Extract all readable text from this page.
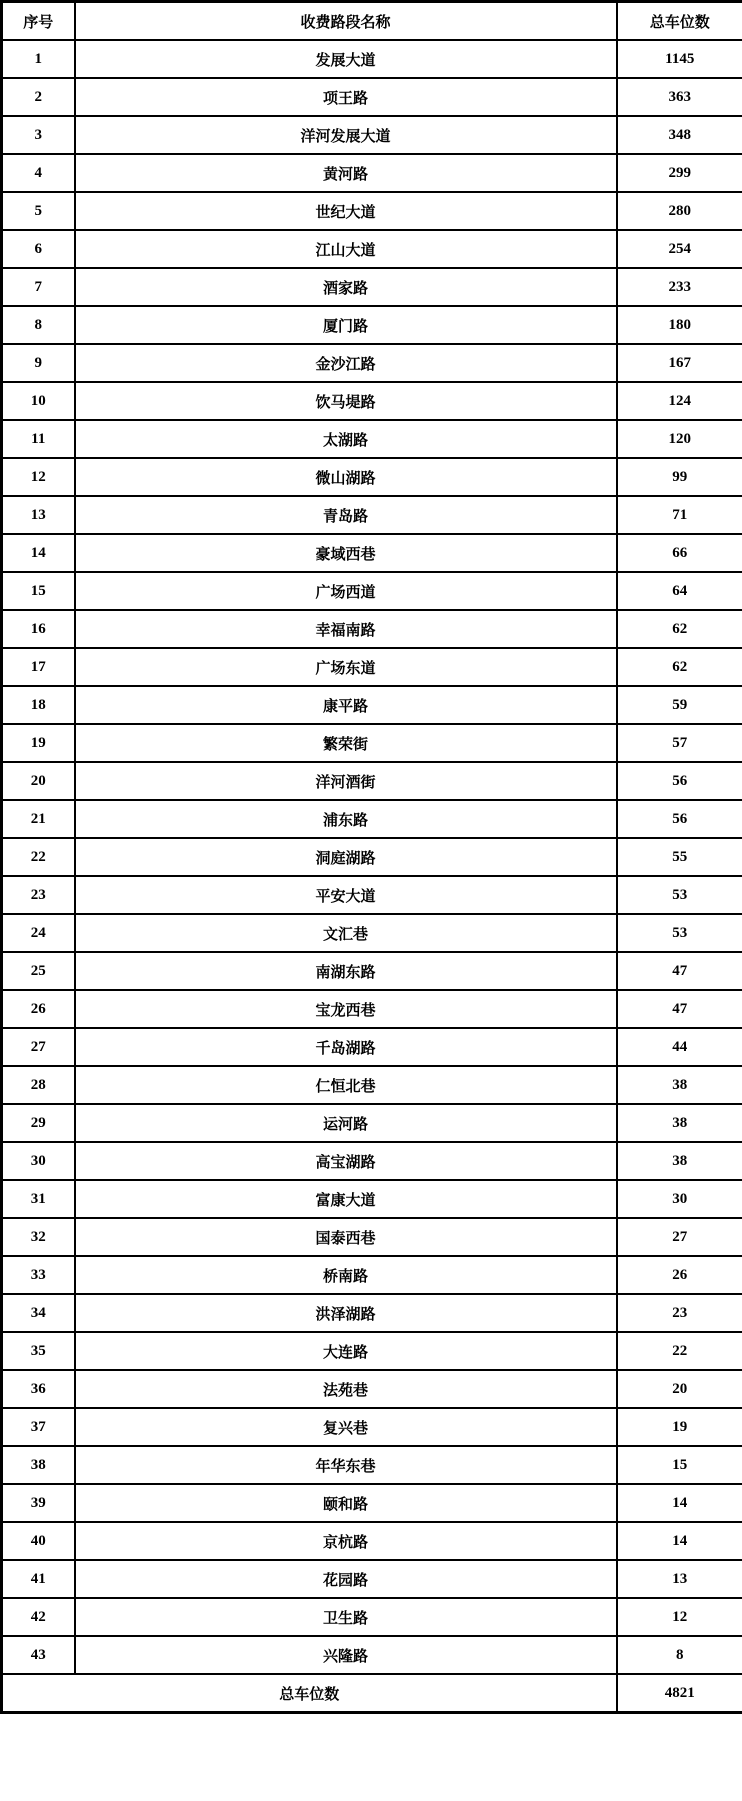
序号	收费路段名称	总车位数
1	发展大道	1145
2	项王路	363
3	洋河发展大道	348
4	黄河路	299
5	世纪大道	280
6	江山大道	254
7	酒家路	233
8	厦门路	180
9	金沙江路	167
10	饮马堤路	124
11	太湖路	120
12	微山湖路	99
13	青岛路	71
14	豪域西巷	66
15	广场西道	64
16	幸福南路	62
17	广场东道	62
18	康平路	59
19	繁荣街	57
20	洋河酒街	56
21	浦东路	56
22	洞庭湖路	55
23	平安大道	53
24	文汇巷	53
25	南湖东路	47
26	宝龙西巷	47
27	千岛湖路	44
28	仁恒北巷	38
29	运河路	38
30	高宝湖路	38
31	富康大道	30
32	国泰西巷	27
33	桥南路	26
34	洪泽湖路	23
35	大连路	22
36	法苑巷	20
37	复兴巷	19
38	年华东巷	15
39	颐和路	14
40	京杭路	14
41	花园路	13
42	卫生路	12
43	兴隆路	8
总车位数		4821
